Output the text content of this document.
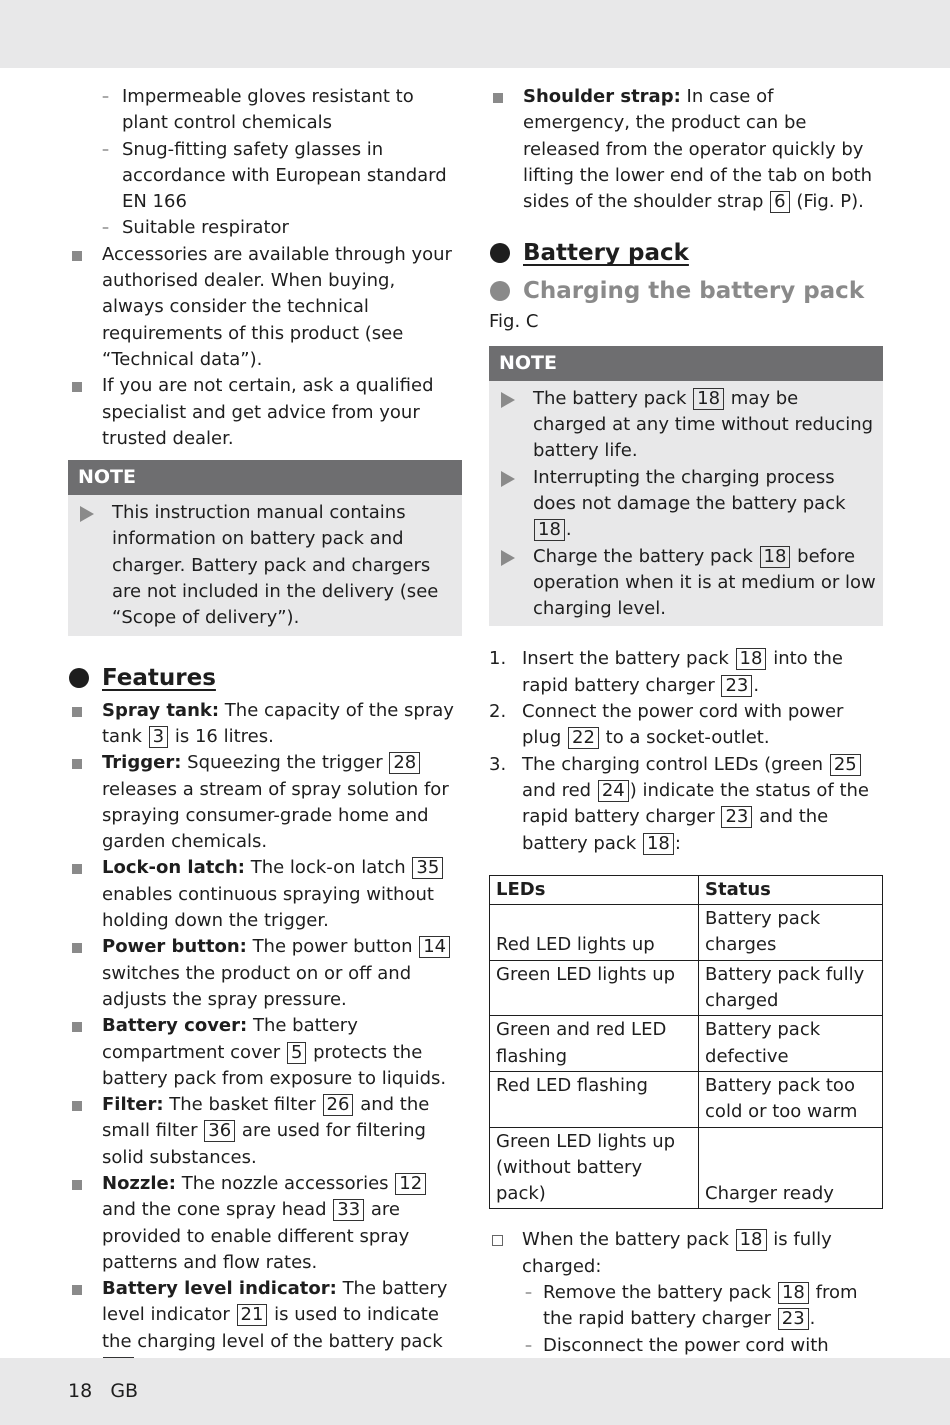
– Impermeable gloves resistant to plant control chemicals
– Snug-fitting safety glasses in accordance with European standard EN 166
– Suitable respirator
Accessories are available through your authorised dealer. When buying, always consider the technical requirements of this product (see “Technical data”).
If you are not certain, ask a qualified specialist and get advice from your trusted dealer.
NOTE
This instruction manual contains information on battery pack and charger. Battery pack and chargers are not included in the delivery (see “Scope of delivery”).
Features
Spray tank: The capacity of the spray tank 3 is 16 litres.
Trigger: Squeezing the trigger 28 releases a stream of spray solution for spraying consumer-grade home and garden chemicals.
Lock-on latch: The lock-on latch 35 enables continuous spraying without holding down the trigger.
Power button: The power button 14 switches the product on or off and adjusts the spray pressure.
Battery cover: The battery compartment cover 5 protects the battery pack from exposure to liquids.
Filter: The basket filter 26 and the small filter 36 are used for filtering solid substances.
Nozzle: The nozzle accessories 12 and the cone spray head 33 are provided to enable different spray patterns and flow rates.
Battery level indicator: The battery level indicator 21 is used to indicate the charging level of the battery pack
Shoulder strap: In case of emergency, the product can be released from the operator quickly by lifting the lower end of the tab on both sides of the shoulder strap 6 (Fig. P).
Battery pack
Charging the battery pack

Fig. C

NOTE
The battery pack 18 may be charged at any time without reducing battery life.
Interrupting the charging process does not damage the battery pack 18 .
Charge the battery pack 18 before operation when it is at medium or low charging level.
1. Insert the battery pack 18 into the rapid battery charger 23 .
2. Connect the power cord with power plug 22 to a socket-outlet.
3. The charging control LEDs (green 25 and red 24 ) indicate the status of the rapid battery charger 23 and the battery pack 18 :
LEDs	Status
Red LED lights up	Battery pack charges
Green LED lights up	Battery pack fully charged
Green and red LED flashing	Battery pack defective
Red LED flashing	Battery pack too cold or too warm
Green LED lights up (without battery pack)	Charger ready
When the battery pack 18 is fully charged:
– Remove the battery pack 18 from the rapid battery charger 23 .
– Disconnect the power cord with
18 GB
